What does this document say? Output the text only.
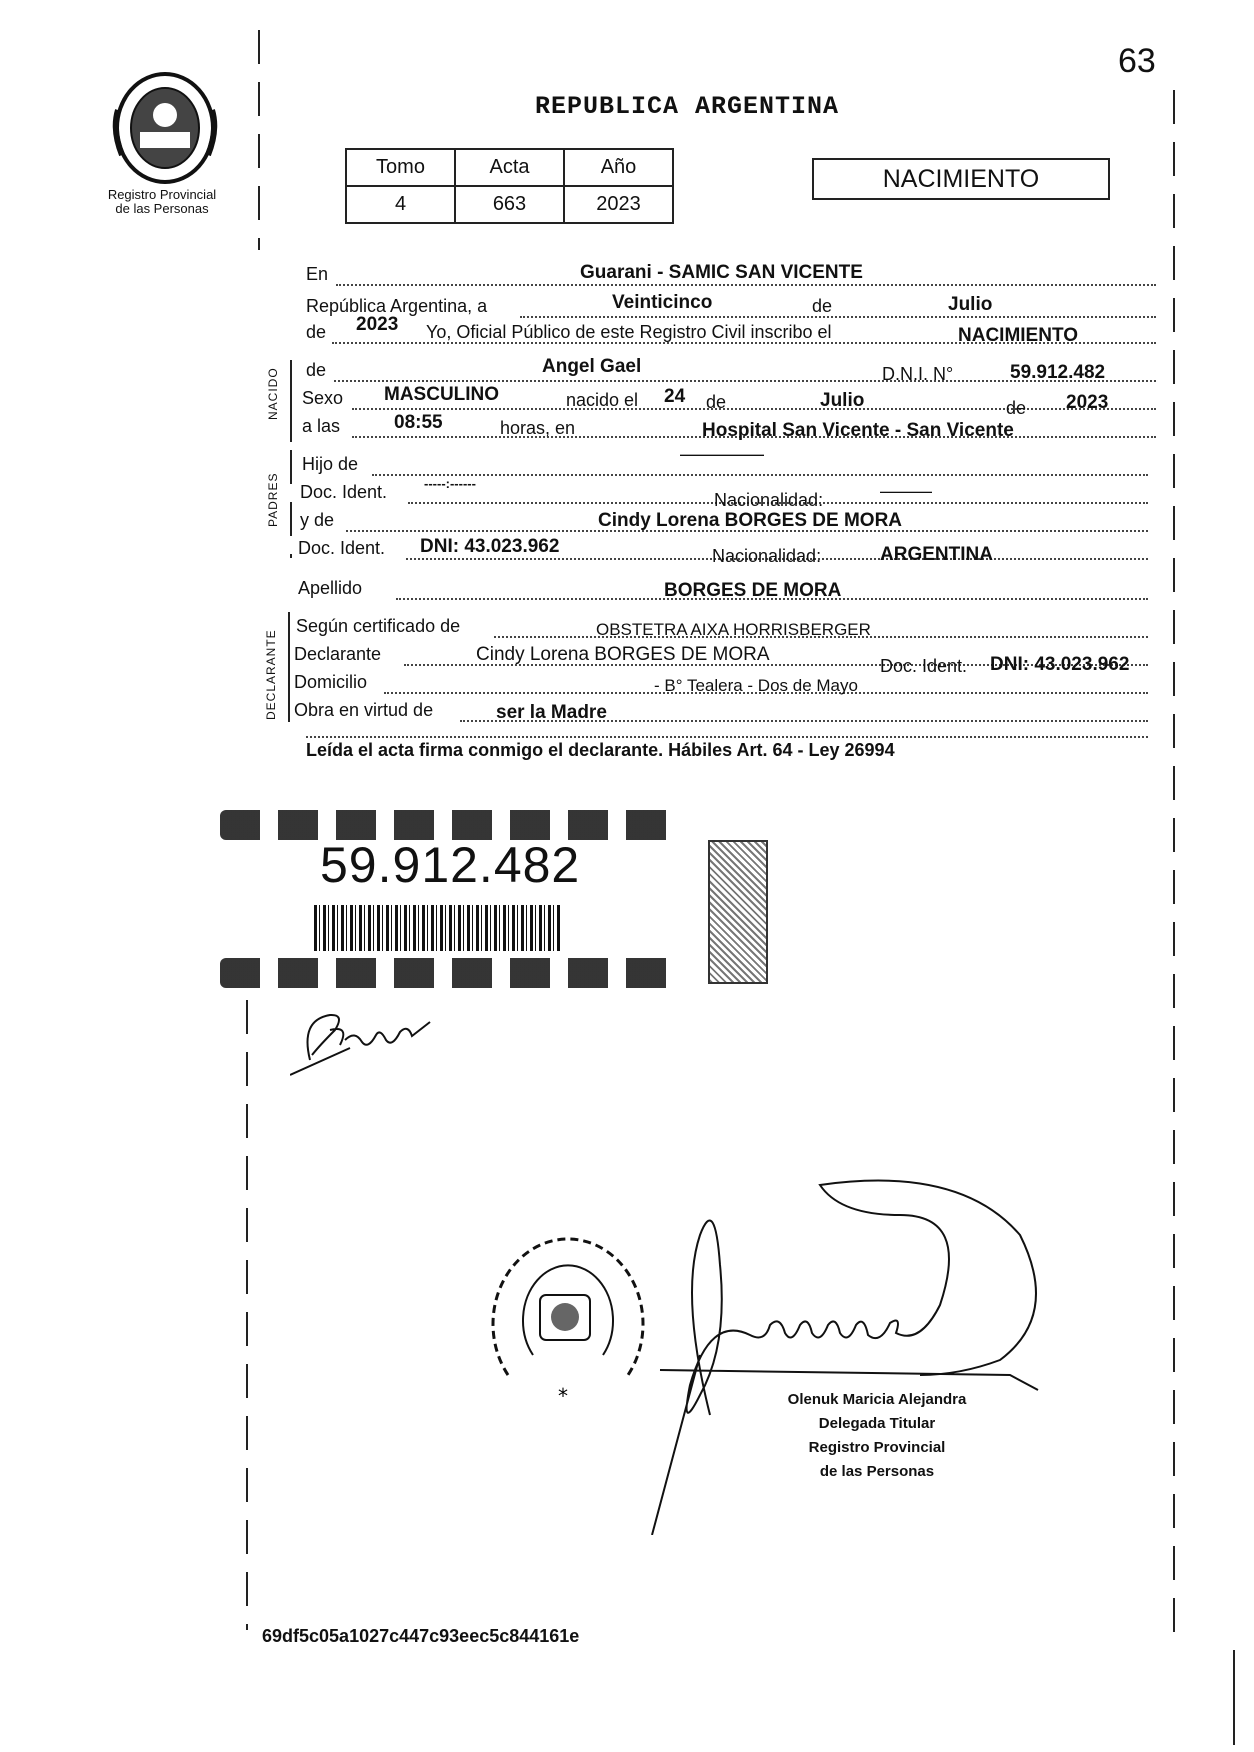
63
Registro Provincial
de las Personas
REPUBLICA ARGENTINA
Tomo	Acta	Año
4	663	2023
NACIMIENTO
NACIDO
PADRES
DECLARANTE
En	Guarani - SAMIC SAN VICENTE
República Argentina, a	Veinticinco	de	Julio
de 2023 Yo, Oficial Público de este Registro Civil inscribo el	NACIMIENTO
de	Angel Gael	D.N.I. N°	59.912.482
Sexo MASCULINO	nacido el 24 de	Julio	de 2023
a las	08:55	horas, en	Hospital San Vicente - San Vicente
Hijo de	——————
Doc. Ident.	-----:------
Nacionalidad:	————
y de	Cindy Lorena BORGES DE MORA
Doc. Ident. DNI: 43.023.962	Nacionalidad:	ARGENTINA
Apellido	BORGES DE MORA
Según certificado de	OBSTETRA AIXA HORRISBERGER
Declarante	Cindy Lorena BORGES DE MORA
Doc. Ident. DNI: 43.023.962
Domicilio	- B° Tealera - Dos de Mayo
Obra en virtud de	ser la Madre
Leída el acta firma conmigo el declarante. Hábiles Art. 64 - Ley 26994
59.912.482
*	Olenuk Maricia Alejandra
Delegada Titular
Registro Provincial
de las Personas
69df5c05a1027c447c93eec5c844161e
